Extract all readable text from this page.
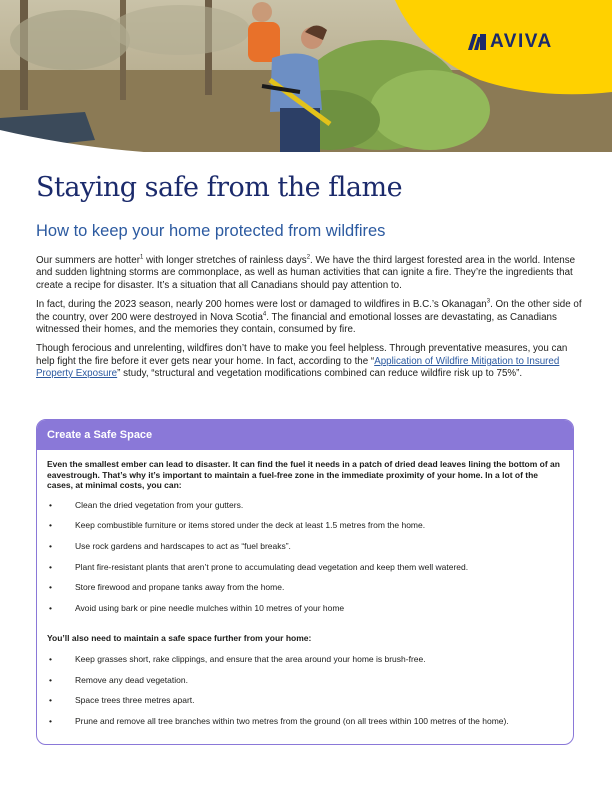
AVIVA
Staying safe from the flame
How to keep your home protected from wildfires

Our summers are hotter$^1$ with longer stretches of rainless days$^2$. We have the third largest forested area in the world. Intense and sudden lightning storms are commonplace, as well as human activities that can ignite a fire. They’re the ingredients that create a recipe for disaster. It’s a situation that all Canadians should pay attention to.

In fact, during the 2023 season, nearly 200 homes were lost or damaged to wildfires in B.C.’s Okanagan$^3$. On the other side of the country, over 200 were destroyed in Nova Scotia$^4$. The financial and emotional losses are devastating, as Canadians witnessed their homes, and the memories they contain, consumed by fire.

Though ferocious and unrelenting, wildfires don’t have to make you feel helpless. Through preventative measures, you can help fight the fire before it ever gets near your home. In fact, according to the “Application of Wildfire Mitigation to Insured Property Exposure” study, “structural and vegetation modifications combined can reduce wildfire risk up to 75%”.

Create a Safe Space

Even the smallest ember can lead to disaster. It can find the fuel it needs in a patch of dried dead leaves lining the bottom of an eavestrough. That’s why it’s important to maintain a fuel-free zone in the immediate proximity of your home. In a lot of the cases, at minimal costs, you can:

•	Clean the dried vegetation from your gutters.
•	Keep combustible furniture or items stored under the deck at least 1.5 metres from the home.
•	Use rock gardens and hardscapes to act as “fuel breaks”.
•	Plant fire-resistant plants that aren’t prone to accumulating dead vegetation and keep them well watered.
•	Store firewood and propane tanks away from the home.
•	Avoid using bark or pine needle mulches within 10 metres of your home

You’ll also need to maintain a safe space further from your home:

•	Keep grasses short, rake clippings, and ensure that the area around your home is brush-free.
•	Remove any dead vegetation.
•	Space trees three metres apart.
•	Prune and remove all tree branches within two metres from the ground (on all trees within 100 metres of the home).
